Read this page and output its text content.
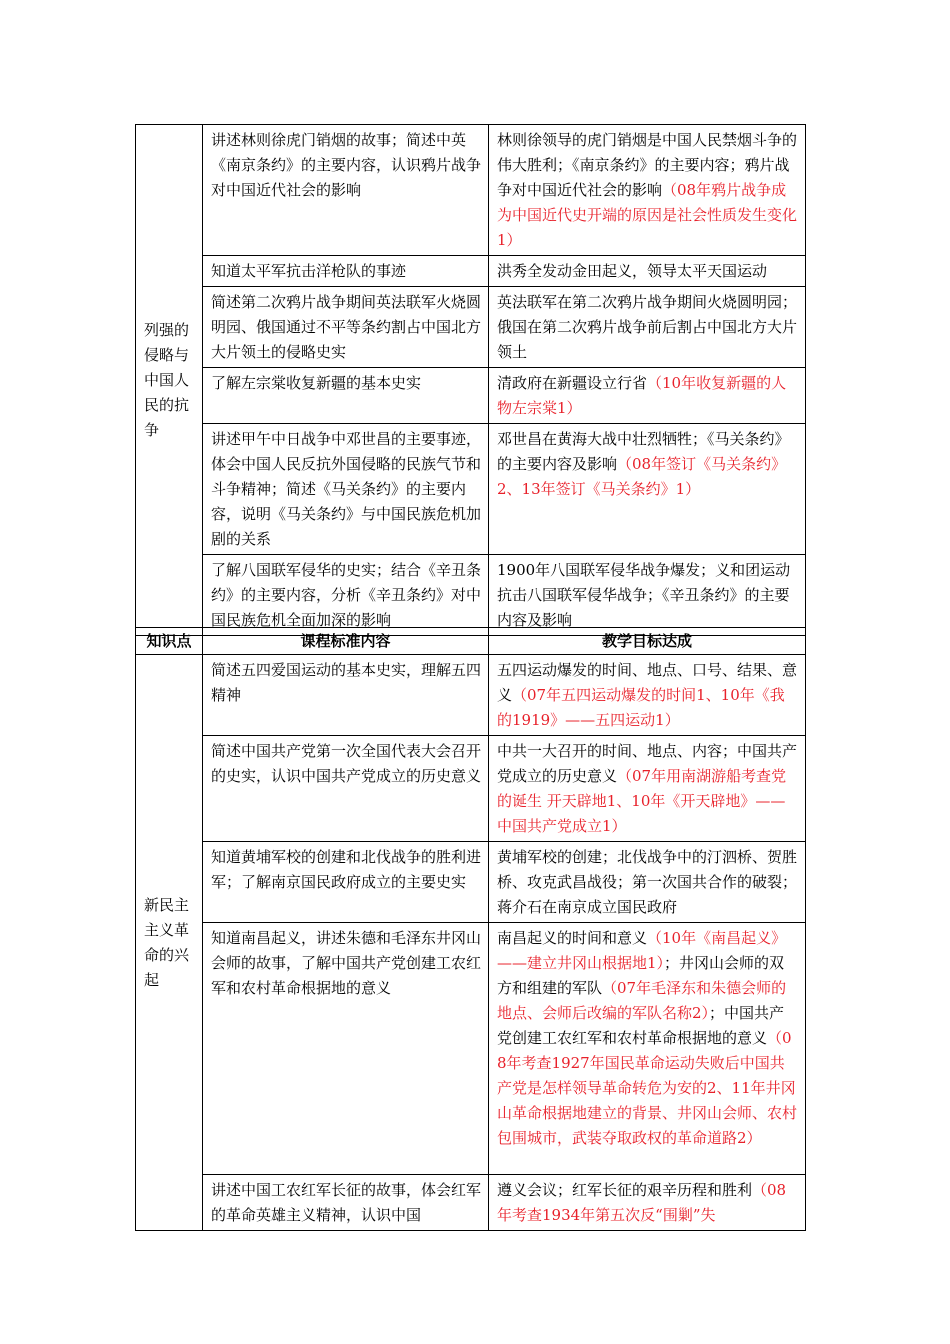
列强的侵略与中国人民的抗争	讲述林则徐虎门销烟的故事；简述中英《南京条约》的主要内容，认识鸦片战争对中国近代社会的影响	林则徐领导的虎门销烟是中国人民禁烟斗争的伟大胜利；《南京条约》的主要内容；鸦片战争对中国近代社会的影响（08年鸦片战争成为中国近代史开端的原因是社会性质发生变化1）
	知道太平军抗击洋枪队的事迹	洪秀全发动金田起义，领导太平天国运动
	简述第二次鸦片战争期间英法联军火烧圆明园、俄国通过不平等条约割占中国北方大片领土的侵略史实	英法联军在第二次鸦片战争期间火烧圆明园；俄国在第二次鸦片战争前后割占中国北方大片领土
	了解左宗棠收复新疆的基本史实	清政府在新疆设立行省（10年收复新疆的人物左宗棠1）
	讲述甲午中日战争中邓世昌的主要事迹，体会中国人民反抗外国侵略的民族气节和斗争精神；简述《马关条约》的主要内容，说明《马关条约》与中国民族危机加剧的关系	邓世昌在黄海大战中壮烈牺牲；《马关条约》的主要内容及影响（08年签订《马关条约》2、13年签订《马关条约》1）
	了解八国联军侵华的史实；结合《辛丑条约》的主要内容，分析《辛丑条约》对中国民族危机全面加深的影响	1900年八国联军侵华战争爆发；义和团运动抗击八国联军侵华战争；《辛丑条约》的主要内容及影响
知识点	课程标准内容	教学目标达成
新民主主义革命的兴起	简述五四爱国运动的基本史实，理解五四精神	五四运动爆发的时间、地点、口号、结果、意义（07年五四运动爆发的时间1、10年《我的1919》——五四运动1）
	简述中国共产党第一次全国代表大会召开的史实，认识中国共产党成立的历史意义	中共一大召开的时间、地点、内容；中国共产党成立的历史意义（07年用南湖游船考查党的诞生 开天辟地1、10年《开天辟地》——中国共产党成立1）
	知道黄埔军校的创建和北伐战争的胜利进军；了解南京国民政府成立的主要史实	黄埔军校的创建；北伐战争中的汀泗桥、贺胜桥、攻克武昌战役；第一次国共合作的破裂；蒋介石在南京成立国民政府
	知道南昌起义，讲述朱德和毛泽东井冈山会师的故事，了解中国共产党创建工农红军和农村革命根据地的意义	南昌起义的时间和意义（10年《南昌起义》——建立井冈山根据地1）；井冈山会师的双方和组建的军队（07年毛泽东和朱德会师的地点、会师后改编的军队名称2）；中国共产党创建工农红军和农村革命根据地的意义（08年考查1927年国民革命运动失败后中国共产党是怎样领导革命转危为安的2、11年井冈山革命根据地建立的背景、井冈山会师、农村包围城市，武装夺取政权的革命道路2）
	讲述中国工农红军长征的故事，体会红军的革命英雄主义精神，认识中国	遵义会议；红军长征的艰辛历程和胜利（08年考查1934年第五次反“围剿”失
